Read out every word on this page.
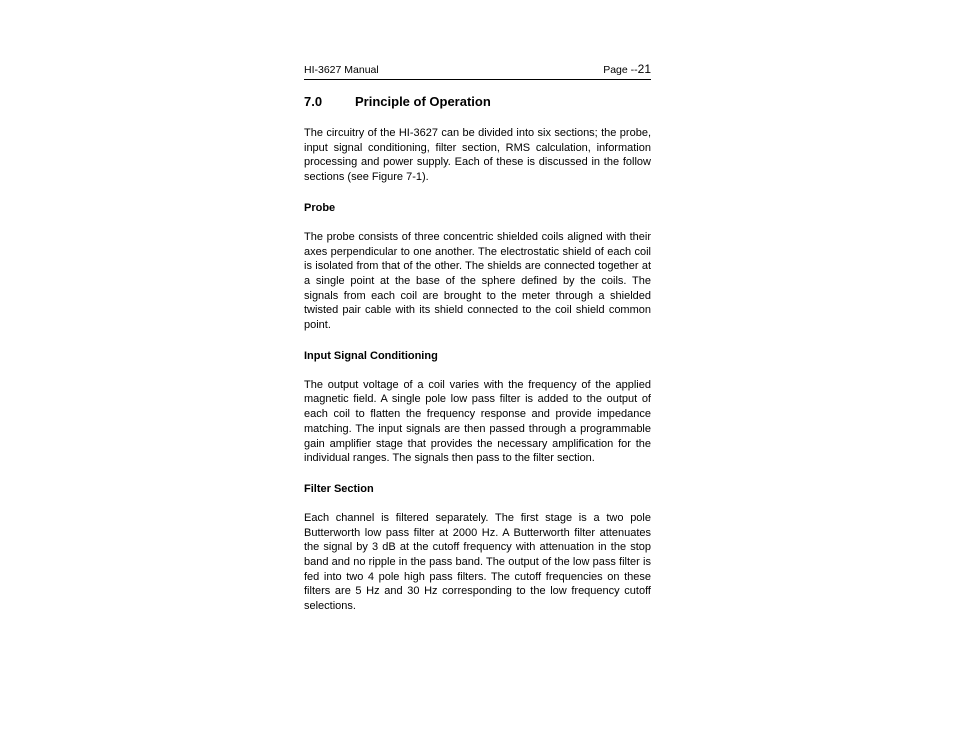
HI-3627 Manual	Page --21
7.0	Principle of Operation

The circuitry of the HI-3627 can be divided into six sections; the probe, input signal conditioning, filter section, RMS calculation, information processing and power supply. Each of these is discussed in the follow sections (see Figure 7-1).

Probe

The probe consists of three concentric shielded coils aligned with their axes perpendicular to one another. The electrostatic shield of each coil is isolated from that of the other. The shields are connected together at a single point at the base of the sphere defined by the coils. The signals from each coil are brought to the meter through a shielded twisted pair cable with its shield connected to the coil shield common point.

Input Signal Conditioning

The output voltage of a coil varies with the frequency of the applied magnetic field. A single pole low pass filter is added to the output of each coil to flatten the frequency response and provide impedance matching. The input signals are then passed through a programmable gain amplifier stage that provides the necessary amplification for the individual ranges. The signals then pass to the filter section.

Filter Section

Each channel is filtered separately. The first stage is a two pole Butterworth low pass filter at 2000 Hz. A Butterworth filter attenuates the signal by 3 dB at the cutoff frequency with attenuation in the stop band and no ripple in the pass band. The output of the low pass filter is fed into two 4 pole high pass filters. The cutoff frequencies on these filters are 5 Hz and 30 Hz corresponding to the low frequency cutoff selections.
